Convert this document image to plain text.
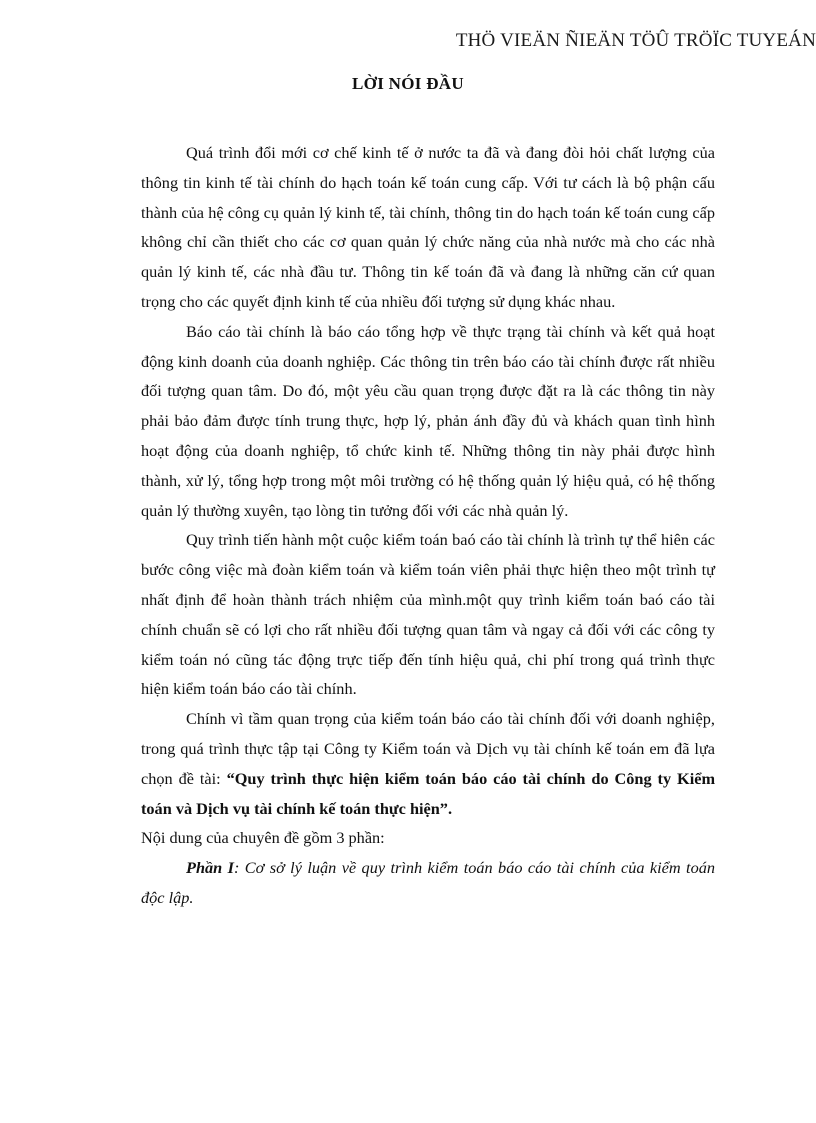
THÖ VIEÄN ÑIEÄN TÖÛ TRÖÏC TUYEÁN
LỜI NÓI ĐẦU

Quá trình đổi mới cơ chế kinh tế ở nước ta đã và đang đòi hỏi chất lượng của thông tin kinh tế tài chính do hạch toán kế toán cung cấp. Với tư cách là bộ phận cấu thành của hệ công cụ quản lý kinh tế, tài chính, thông tin do hạch toán kế toán cung cấp không chỉ cần thiết cho các cơ quan quản lý chức năng của nhà nước mà cho các nhà quản lý kinh tế, các nhà đầu tư. Thông tin kế toán đã và đang là những căn cứ quan trọng cho các quyết định kinh tế của nhiều đối tượng sử dụng khác nhau.

Báo cáo tài chính là báo cáo tổng hợp về thực trạng tài chính và kết quả hoạt động kinh doanh của doanh nghiệp. Các thông tin trên báo cáo tài chính được rất nhiều đối tượng quan tâm. Do đó, một yêu cầu quan trọng được đặt ra là các thông tin này phải bảo đảm được tính trung thực, hợp lý, phản ánh đầy đủ và khách quan tình hình hoạt động của doanh nghiệp, tổ chức kinh tế. Những thông tin này phải được hình thành, xử lý, tổng hợp trong một môi trường có hệ thống quản lý hiệu quả, có hệ thống quản lý thường xuyên, tạo lòng tin tưởng đối với các nhà quản lý.

Quy trình tiến hành một cuộc kiểm toán baó cáo tài chính là trình tự thể hiên các bước công việc mà đoàn kiểm toán và kiểm toán viên phải thực hiện theo một trình tự nhất định để hoàn thành trách nhiệm của mình.một quy trình kiểm toán baó cáo tài chính chuẩn sẽ có lợi cho rất nhiều đối tượng quan tâm và ngay cả đối với các công ty kiểm toán nó cũng tác động trực tiếp đến tính hiệu quả, chi phí trong quá trình thực hiện kiểm toán báo cáo tài chính.

Chính vì tầm quan trọng của kiểm toán báo cáo tài chính đối với doanh nghiệp, trong quá trình thực tập tại Công ty Kiểm toán và Dịch vụ tài chính kế toán em đã lựa chọn đề tài: “Quy trình thực hiện kiểm toán báo cáo tài chính do Công ty Kiểm toán và Dịch vụ tài chính kế toán thực hiện”.

Nội dung của chuyên đề gồm 3 phần:

Phần I: Cơ sở lý luận về quy trình kiểm toán báo cáo tài chính của kiểm toán độc lập.
